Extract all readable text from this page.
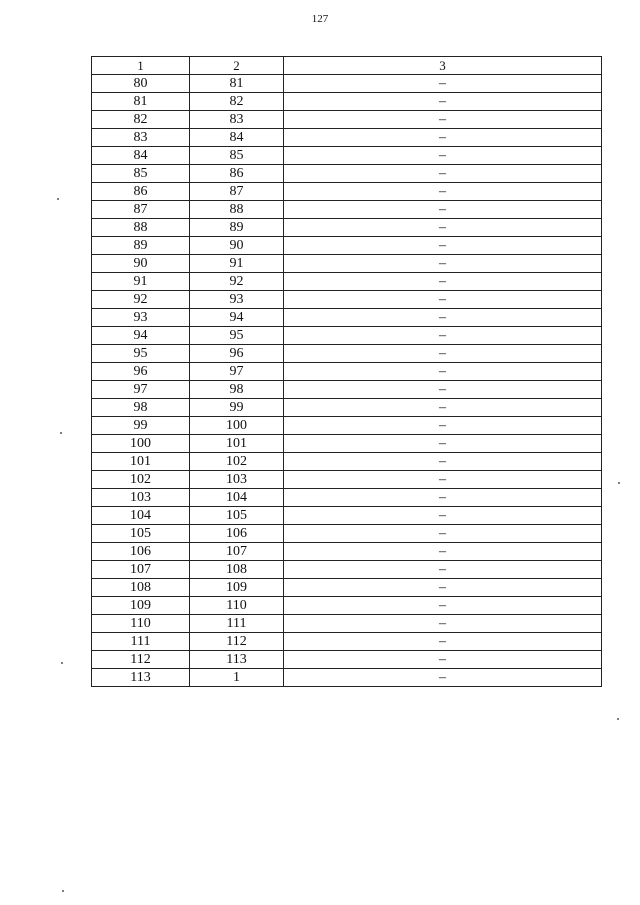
127
1	2	3
80	81	–
81	82	–
82	83	–
83	84	–
84	85	–
85	86	–
86	87	–
87	88	–
88	89	–
89	90	–
90	91	–
91	92	–
92	93	–
93	94	–
94	95	–
95	96	–
96	97	–
97	98	–
98	99	–
99	100	–
100	101	–
101	102	–
102	103	–
103	104	–
104	105	–
105	106	–
106	107	–
107	108	–
108	109	–
109	110	–
110	111	–
111	112	–
112	113	–
113	1	–
